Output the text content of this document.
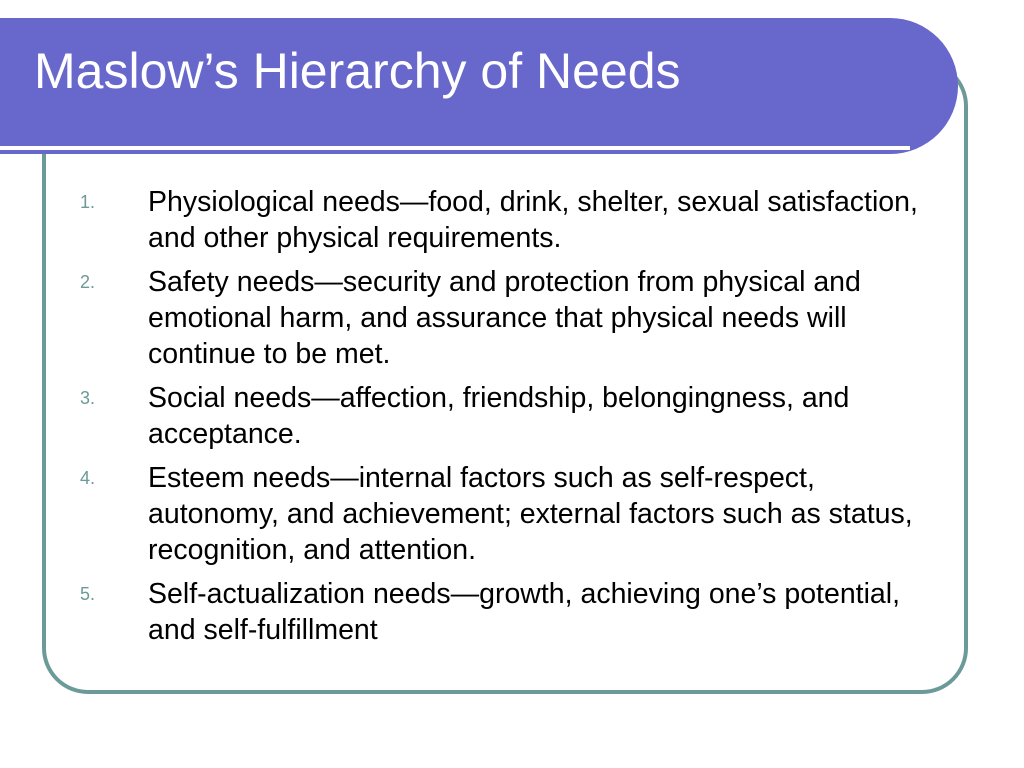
Maslow’s Hierarchy of Needs
1. Physiological needs—food, drink, shelter, sexual satisfaction, and other physical requirements.
2. Safety needs—security and protection from physical and emotional harm, and assurance that physical needs will continue to be met.
3. Social needs—affection, friendship, belongingness, and acceptance.
4. Esteem needs—internal factors such as self-respect, autonomy, and achievement; external factors such as status, recognition, and attention.
5. Self-actualization needs—growth, achieving one’s potential, and self-fulfillment
